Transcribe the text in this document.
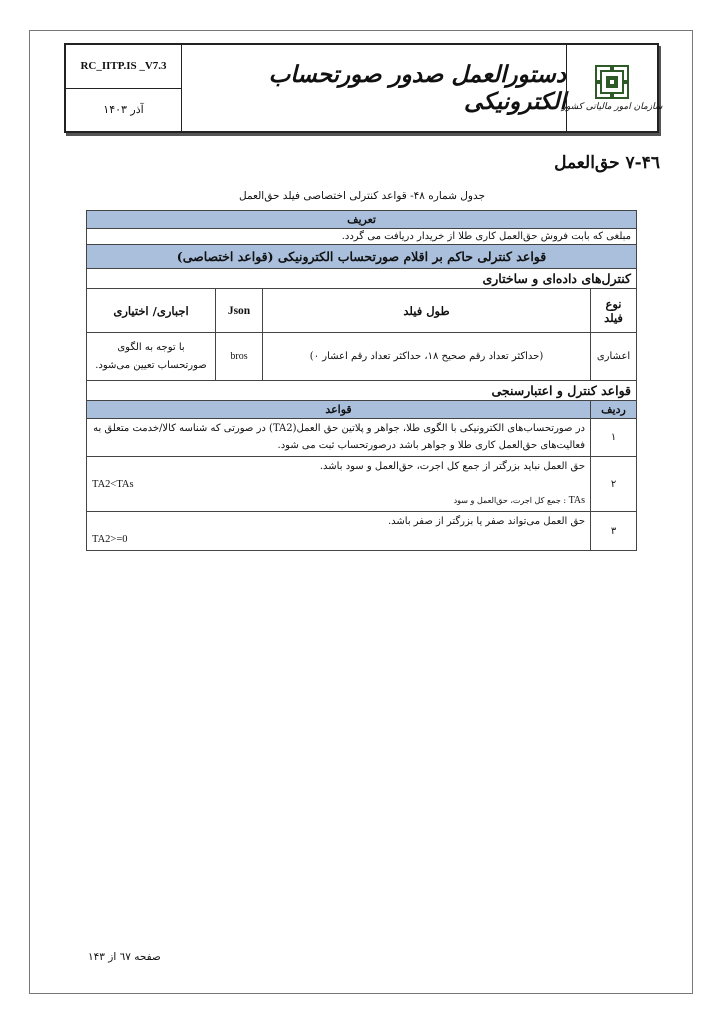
RC_IITP.IS _V7.3
آذر ۱۴۰۳
دستورالعمل صدور صورتحساب الکترونیکی
سازمان امور مالیاتی کشور
۴٦-۷ حق‌العمل
جدول شماره ۴۸- قواعد کنترلی اختصاصی فیلد حق‌العمل
تعریف			
مبلغی که بابت فروش حق‌العمل کاری طلا از خریدار دریافت می گردد.			
قواعد کنترلی حاکم بر اقلام صورتحساب الکترونیکی (قواعد اختصاصی)			
کنترل‌های داده‌ای و ساختاری			
نوع فیلد	طول فیلد	Json	اجباری/ اختیاری
اعشاری	(حداکثر تعداد رقم صحیح ۱۸، حداکثر تعداد رقم اعشار ۰)	bros	با توجه به الگوی صورتحساب تعیین می‌شود.
قواعد کنترل و اعتبارسنجی			
ردیف	قواعد		
۱	در صورتحساب‌های الکترونیکی با الگوی طلا، جواهر و پلاتین حق العمل(TA2) در صورتی که شناسه کالا/خدمت متعلق به فعالیت‌های حق‌العمل کاری طلا و جواهر باشد درصورتحساب ثبت می شود.		
۲	حق العمل نباید بزرگتر از جمع کل اجرت، حق‌العمل و سود باشد.
TA2<TAs
TAs : جمع کل اجرت، حق‌العمل و سود		

۳	حق العمل می‌تواند صفر یا بزرگتر از صفر باشد.
TA2>=0		
صفحه ٦۷ از ۱۴۳
